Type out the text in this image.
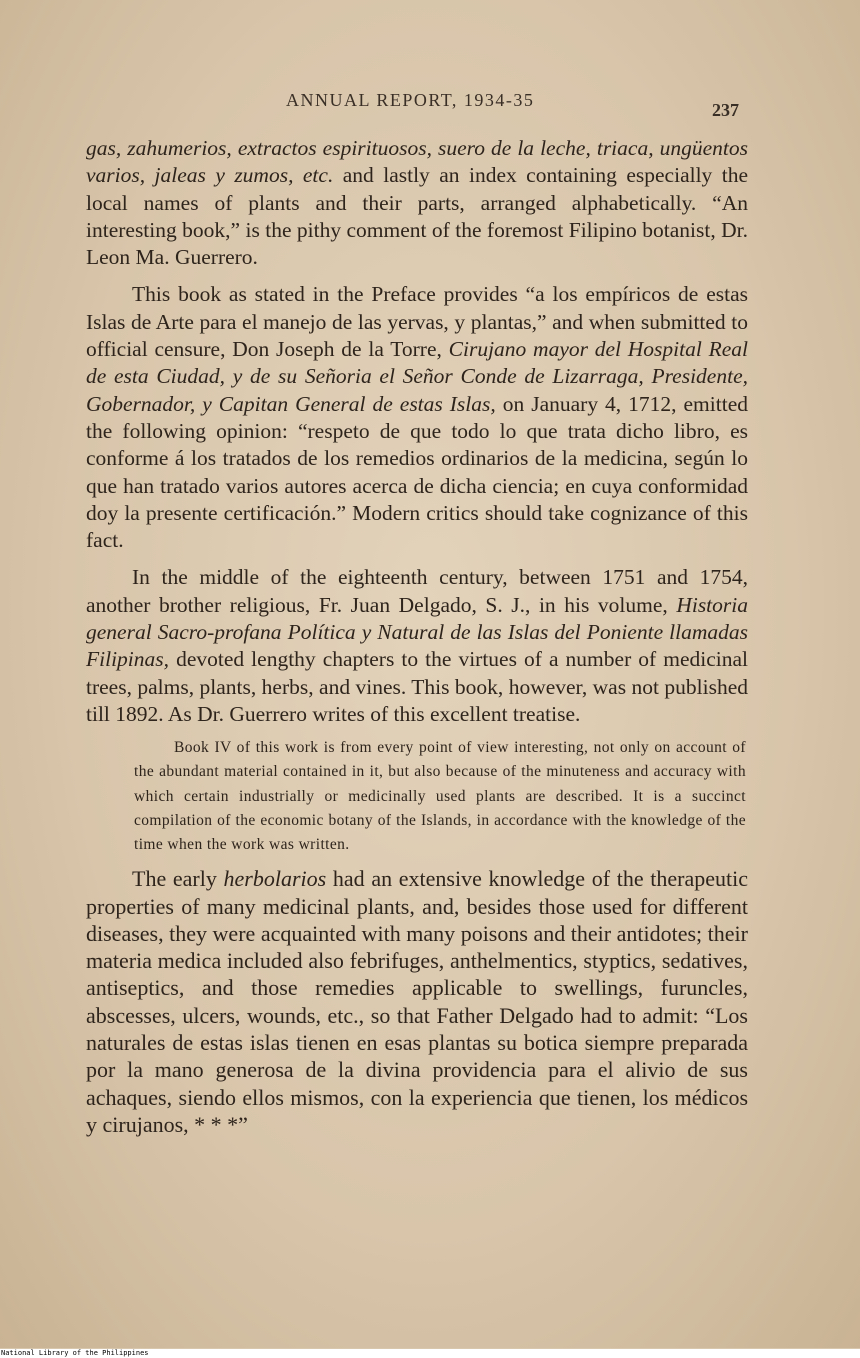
ANNUAL REPORT, 1934-35	237

gas, zahumerios, extractos espirituosos, suero de la leche, triaca, ungüentos varios, jaleas y zumos, etc. and lastly an index containing especially the local names of plants and their parts, arranged alphabetically. “An interesting book,” is the pithy comment of the foremost Filipino botanist, Dr. Leon Ma. Guerrero.

This book as stated in the Preface provides “a los empíricos de estas Islas de Arte para el manejo de las yervas, y plantas,” and when submitted to official censure, Don Joseph de la Torre, Cirujano mayor del Hospital Real de esta Ciudad, y de su Señoria el Señor Conde de Lizarraga, Presidente, Gobernador, y Capitan General de estas Islas, on January 4, 1712, emitted the following opinion: “respeto de que todo lo que trata dicho libro, es conforme á los tratados de los remedios ordinarios de la medicina, según lo que han tratado varios autores acerca de dicha ciencia; en cuya conformidad doy la presente certificación.” Modern critics should take cognizance of this fact.

In the middle of the eighteenth century, between 1751 and 1754, another brother religious, Fr. Juan Delgado, S. J., in his volume, Historia general Sacro-profana Política y Natural de las Islas del Poniente llamadas Filipinas, devoted lengthy chapters to the virtues of a number of medicinal trees, palms, plants, herbs, and vines. This book, however, was not published till 1892. As Dr. Guerrero writes of this excellent treatise.

Book IV of this work is from every point of view interesting, not only on account of the abundant material contained in it, but also because of the minuteness and accuracy with which certain industrially or medicinally used plants are described. It is a succinct compilation of the economic botany of the Islands, in accordance with the knowledge of the time when the work was written.

The early herbolarios had an extensive knowledge of the therapeutic properties of many medicinal plants, and, besides those used for different diseases, they were acquainted with many poisons and their antidotes; their materia medica included also febrifuges, anthelmentics, styptics, sedatives, antiseptics, and those remedies applicable to swellings, furuncles, abscesses, ulcers, wounds, etc., so that Father Delgado had to admit: “Los naturales de estas islas tienen en esas plantas su botica siempre preparada por la mano generosa de la divina providencia para el alivio de sus achaques, siendo ellos mismos, con la experiencia que tienen, los médicos y cirujanos, * * *”

National Library of the Philippines
